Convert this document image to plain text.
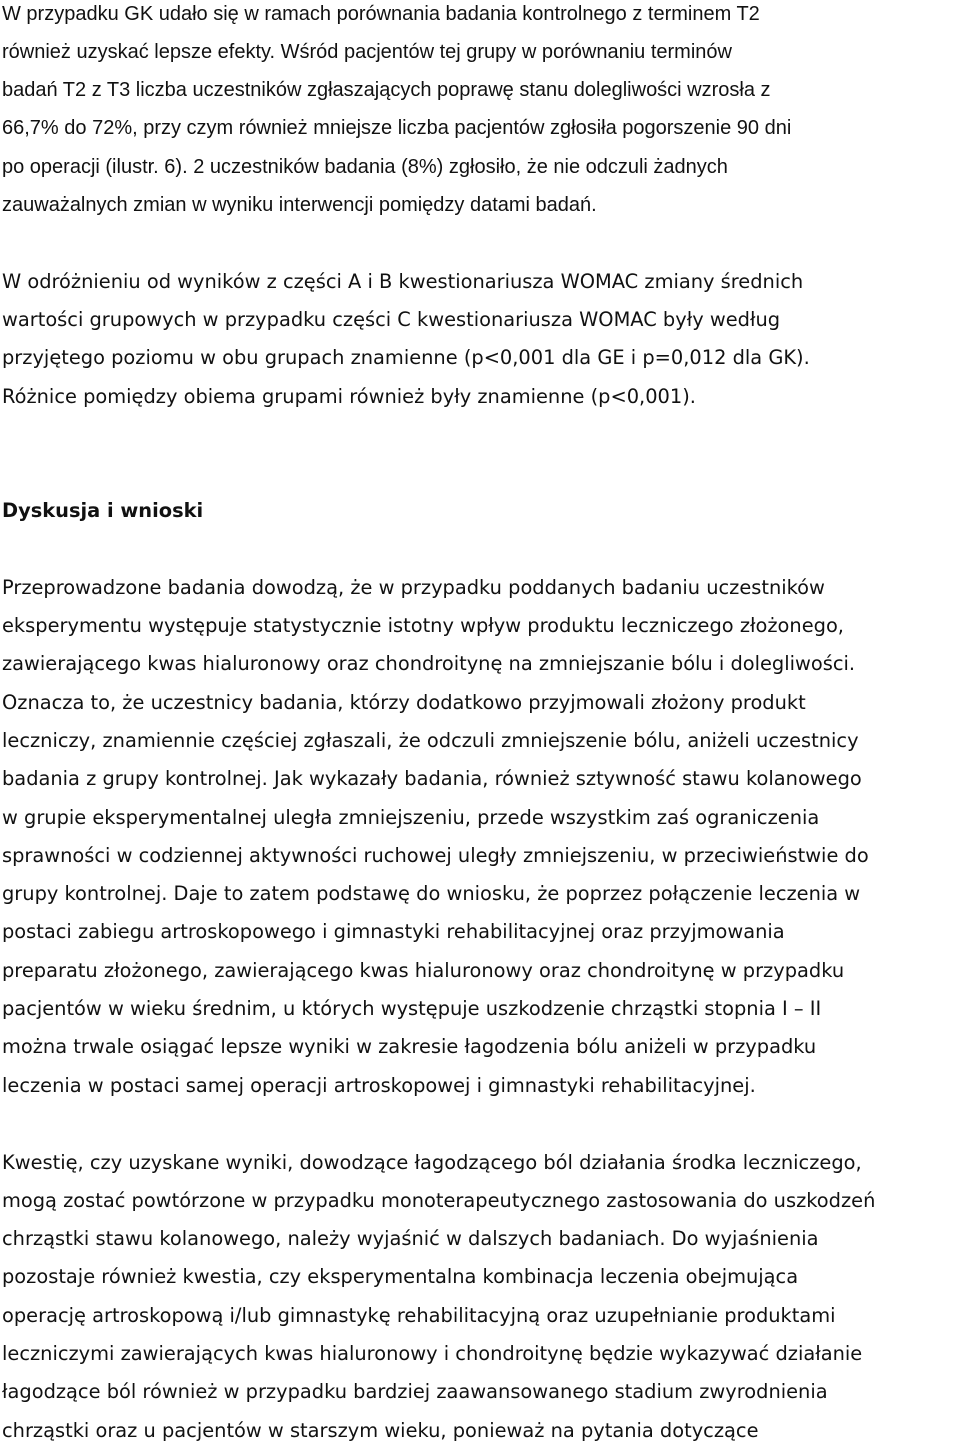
W przypadku GK udało się w ramach porównania badania kontrolnego z terminem T2
również uzyskać lepsze efekty. Wśród pacjentów tej grupy w porównaniu terminów
badań T2 z T3 liczba uczestników zgłaszających poprawę stanu dolegliwości wzrosła z
66,7% do 72%, przy czym również mniejsze liczba pacjentów zgłosiła pogorszenie 90 dni
po operacji (ilustr. 6). 2 uczestników badania (8%) zgłosiło, że nie odczuli żadnych
zauważalnych zmian w wyniku interwencji pomiędzy datami badań.
W odróżnieniu od wyników z części A i B kwestionariusza WOMAC zmiany średnich
wartości grupowych w przypadku części C kwestionariusza WOMAC były według
przyjętego poziomu w obu grupach znamienne (p<0,001 dla GE i p=0,012 dla GK).
Różnice pomiędzy obiema grupami również były znamienne (p<0,001).
Dyskusja i wnioski
Przeprowadzone badania dowodzą, że w przypadku poddanych badaniu uczestników
eksperymentu występuje statystycznie istotny wpływ produktu leczniczego złożonego,
zawierającego kwas hialuronowy oraz chondroitynę na zmniejszanie bólu i dolegliwości.
Oznacza to, że uczestnicy badania, którzy dodatkowo przyjmowali złożony produkt
leczniczy, znamiennie częściej zgłaszali, że odczuli zmniejszenie bólu, aniżeli uczestnicy
badania z grupy kontrolnej. Jak wykazały badania, również sztywność stawu kolanowego
w grupie eksperymentalnej uległa zmniejszeniu, przede wszystkim zaś ograniczenia
sprawności w codziennej aktywności ruchowej uległy zmniejszeniu, w przeciwieństwie do
grupy kontrolnej. Daje to zatem podstawę do wniosku, że poprzez połączenie leczenia w
postaci zabiegu artroskopowego i gimnastyki rehabilitacyjnej oraz przyjmowania
preparatu złożonego, zawierającego kwas hialuronowy oraz chondroitynę w przypadku
pacjentów w wieku średnim, u których występuje uszkodzenie chrząstki stopnia I – II
można trwale osiągać lepsze wyniki w zakresie łagodzenia bólu aniżeli w przypadku
leczenia w postaci samej operacji artroskopowej i gimnastyki rehabilitacyjnej.
Kwestię, czy uzyskane wyniki, dowodzące łagodzącego ból działania środka leczniczego,
mogą zostać powtórzone w przypadku monoterapeutycznego zastosowania do uszkodzeń
chrząstki stawu kolanowego, należy wyjaśnić w dalszych badaniach. Do wyjaśnienia
pozostaje również kwestia, czy eksperymentalna kombinacja leczenia obejmująca
operację artroskopową i/lub gimnastykę rehabilitacyjną oraz uzupełnianie produktami
leczniczymi zawierających kwas hialuronowy i chondroitynę będzie wykazywać działanie
łagodzące ból również w przypadku bardziej zaawansowanego stadium zwyrodnienia
chrząstki oraz u pacjentów w starszym wieku, ponieważ na pytania dotyczące
